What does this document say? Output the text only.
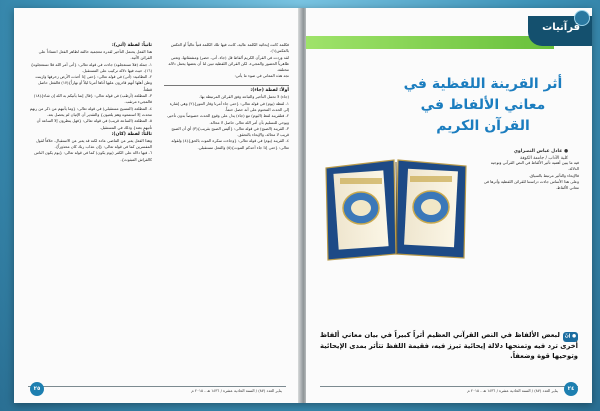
ثانياً: لفظة (أتى):

هذا الفعل يحتمل التأخير لقدرة معجمية خالفة لظاهر الفعل اعتماداً على القرائن الآتية.

١- جملة (فلا تستعجلوه) جاءت في قوله تعالى: {أتى أمر الله فلا تستعجلوه}(١٦)، حيث فيها دلالة تركيب على المستقبل.

٢- النظامية: (أتى) في قوله تعالى: {حتى إذا أخذت الأرض زخرفها وازينت وظن أهلها أنهم قادرون عليها أتاها أمرنا ليلاً أو نهاراً}(١٧) فالفعل حاصل قطعاً.

٣- المطلعة (أرطب) في قوله تعالى: {قال إنما يأتيكم به الله إن شاء}(١٨) فالمجيء مرتقب.

٤- المطلعة (المسيح مستقبلي) في قوله تعالى: {وما يأتيهم من ذكر من ربهم محدث إلا استمعوه وهم يلعبون} والتقدير أن الإتيان لم يحصل بعد.

٥- المطلعة (الساعة قريب) في قوله تعالى: {فهل ينظرون إلا الساعة أن تأتيهم بغتة} وذلك في المستقبل.

ثالثاً: لفظة (كان):

وهذا الفعل يعبر عن الماضي عادة لكنه قد يعبر عن الاستقبال، خلافاً لقول المفسرين كما في قوله تعالى: {إن عذاب ربك كان محذوراً}.

٦- فيها دلالة على الكفر (يوم يكون) كما في قوله تعالى: {يوم يكون الناس كالفراش المبثوث}.

فكلمة كانت إيحائية الكلمة عالية، كانت فيها تلك الكلمة فنياً عالياً أو العكس بالعكس(١).

لقد وردت في القرآن الكريم ألفاظ قل (جاء، أتى، حضر) ومشتقاتها، وتعني ظاهرياً الحضور والمجيء، لكن القرائن اللفظية تبين لنا أن بعضها يحمل دلالة مختلفة.

نجد هذه المعاني في ضوء ما يأتي:

أولاً: لفظة (جاء):

(جاء) لا تحمل التأخير والتباعد وفق القرائن المرتبطة بها.

١- لفظة (يوم) في قوله تعالى: {حتى جاء أمرنا وفار التنور}(٢) وهي إشارة إلى الحدث المحتوم على أنه حصل حتماً.

٢- فتلقرينة لفظ (اليوم) مع (جاء) يدل على وقوع الحدث خصوصاً بدون تأخير، ويوحي للتسليم بأن أمر الله تعالى حاصل لا محالة.

٣- القرينة (الصبح) في قوله تعالى: {أليس الصبح بقريب}(٣) أي أن الصبح قريب لا محالة، والإيحاء بالتحقق.

٤- القرينة (يوم) في قوله تعالى: {وجاءت سكرة الموت بالحق}(٤) ولقوله تعالى: {حتى إذا جاء أحدكم الموت}(٥) والفعل مستقبلي.

يناير العدد (٨٧) / السنة الحادية عشرة / ١٤٣٦ هـ - ٢٠١٥ م
٢٥
قرآنيات
أثر القرينة اللفظية في معاني الألفاظ في القرآن الكريم
● عادل عباس النصراوي
كلية الآداب / جامعة الكوفة

فيه ما يبين أهمية تأثير الألفاظ في النص القرآني وتوجيه الدلالة.

فالإيحاء والتأثير مرتبط بالسياق.

وعلى هذا الأساس جاءت دراستنا للقرائن اللفظية وأثرها في معاني الألفاظ.

● إنّلبعض الألفاظ في النص القرآني العظيم أثراً كبيراً في بيان معاني ألفاظ أخرى ترد فيه وتمنحها دلالة إيحائية تبرز فيه، فقيمة اللفظ تتأثر بمدى الإيحائية وتوحيها قوة وضعفاً.
يناير العدد (٨٧) / السنة الحادية عشرة / ١٤٣٦ هـ - ٢٠١٥ م	٢٤
